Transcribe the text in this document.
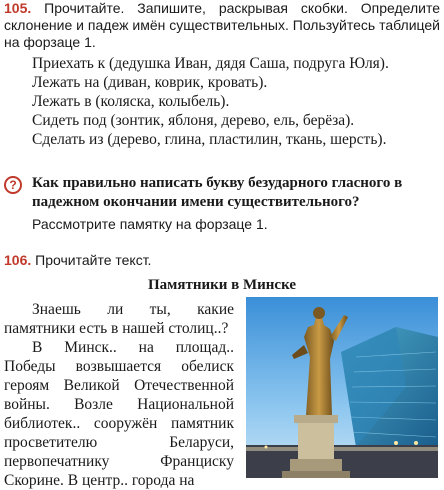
105. Прочитайте. Запишите, раскрывая скобки. Определите склонение и падеж имён существительных. Пользуйтесь таблицей на форзаце 1.

Приехать к (дедушка Иван, дядя Саша, подруга Юля).

Лежать на (диван, коврик, кровать).

Лежать в (коляска, колыбель).

Сидеть под (зонтик, яблоня, дерево, ель, берёза).

Сделать из (дерево, глина, пластилин, ткань, шерсть).

?	Как правильно написать букву безударного гласного в падежном окончании имени существительного?

Рассмотрите памятку на форзаце 1.

106. Прочитайте текст.
Памятники в Минске

Знаешь ли ты, какие памятники есть в нашей столиц..?

В Минск.. на площад.. Победы возвышается обелиск героям Великой Отечественной войны. Возле Национальной библиотек.. сооружён памятник просветителю Беларуси, первопечатнику Франциску Скорине. В центр.. города на
